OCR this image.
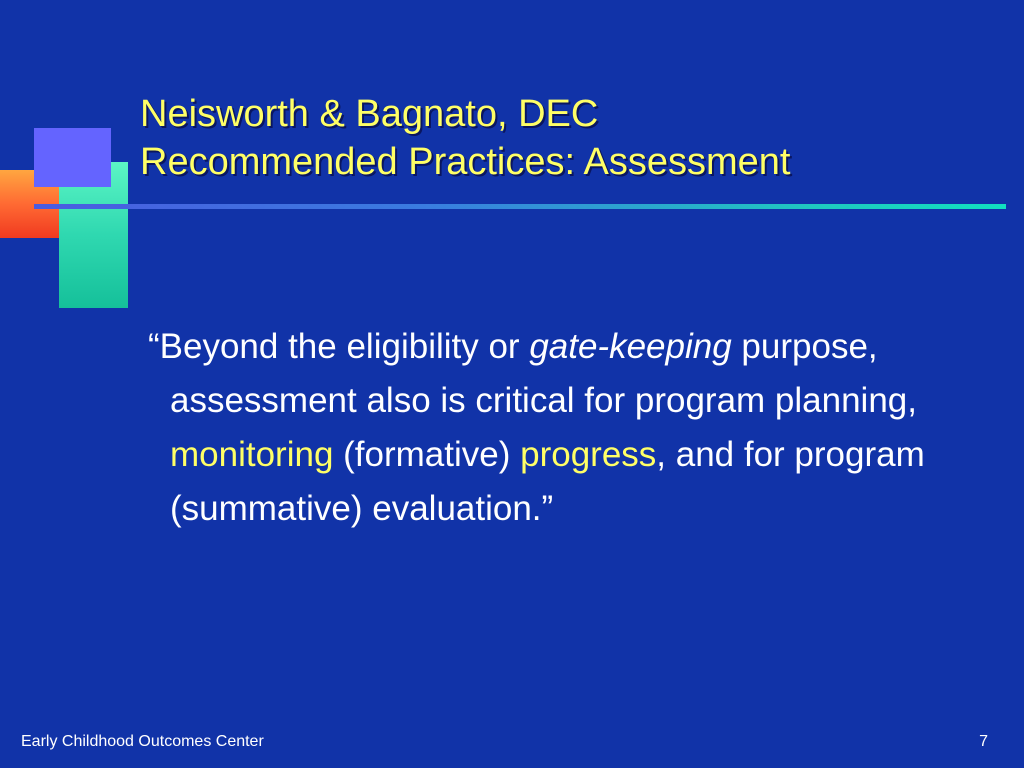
Neisworth & Bagnato, DEC
Recommended Practices: Assessment

“Beyond the eligibility or gate-keeping purpose, assessment also is critical for program planning, monitoring (formative) progress, and for program (summative) evaluation.”

Early Childhood Outcomes Center	7
